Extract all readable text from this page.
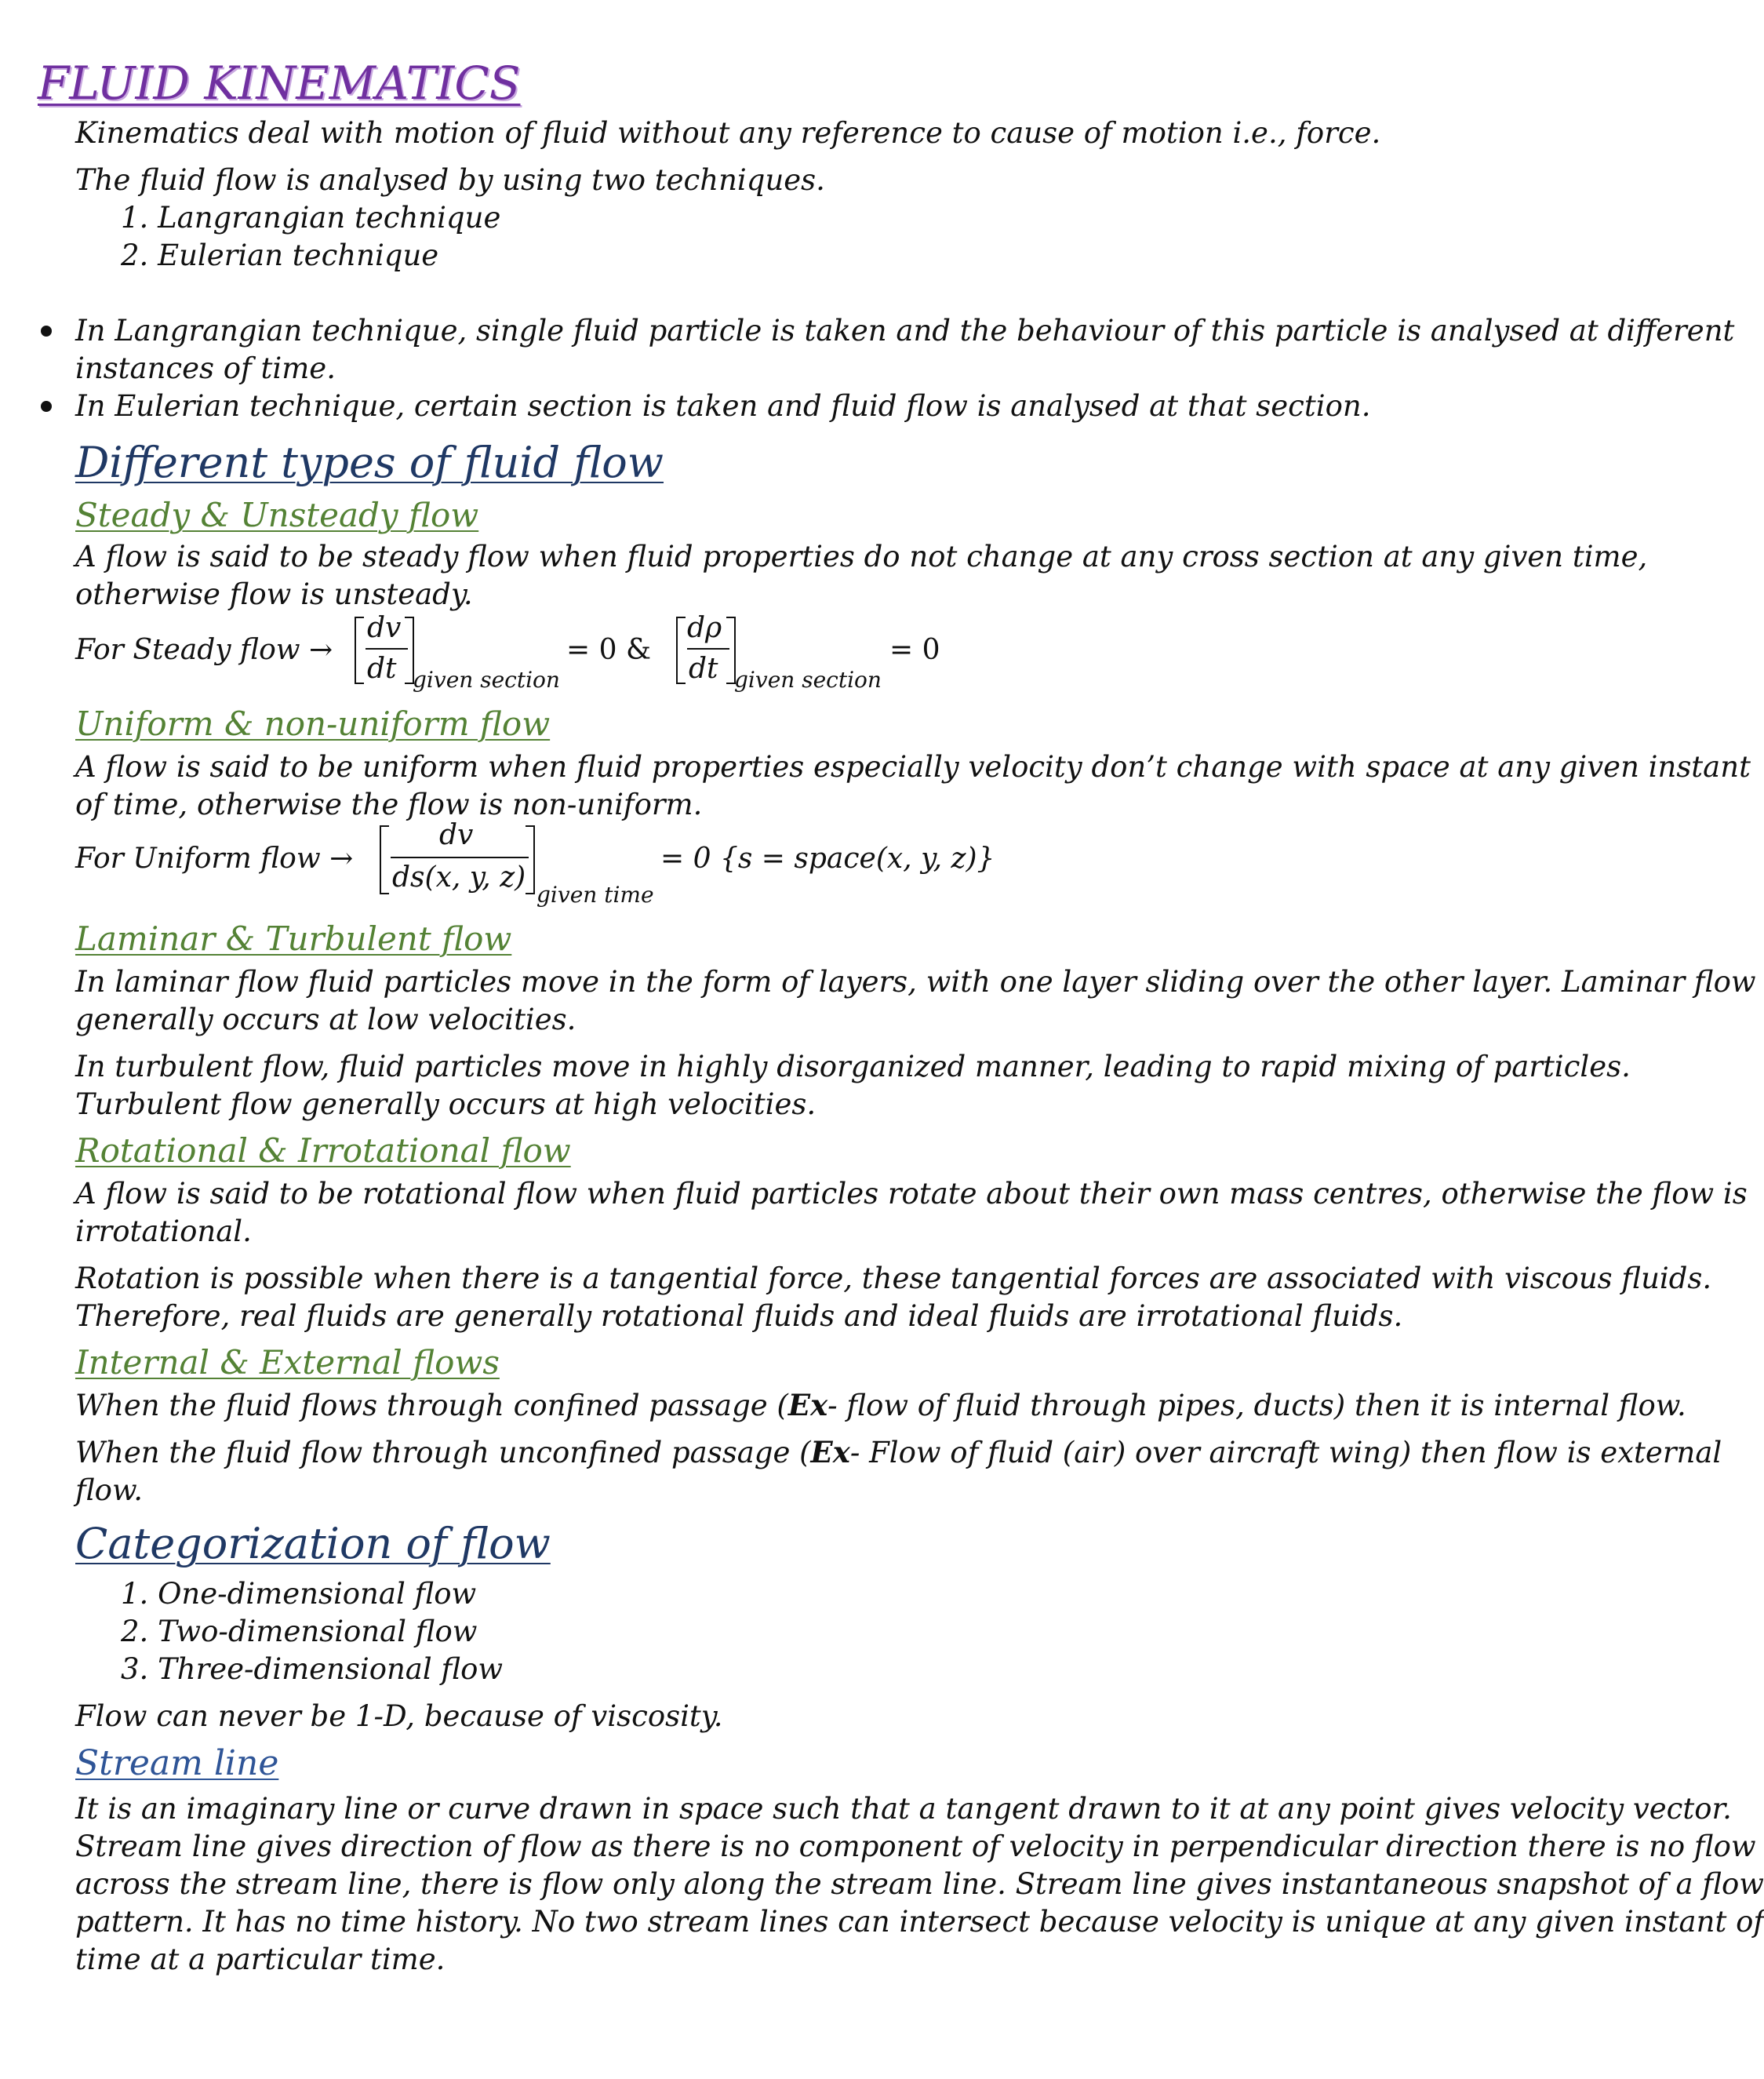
FLUID KINEMATICS
Kinematics deal with motion of fluid without any reference to cause of motion i.e., force.
The fluid flow is analysed by using two techniques.
1. Langrangian technique
2. Eulerian technique
In Langrangian technique, single fluid particle is taken and the behaviour of this particle is analysed at different
instances of time.
In Eulerian technique, certain section is taken and fluid flow is analysed at that section.
Different types of fluid flow
Steady & Unsteady flow
A flow is said to be steady flow when fluid properties do not change at any cross section at any given time,
otherwise flow is unsteady.
For Steady flow →
dv
dt given section
= 0 &
dρ
dt given section
= 0
Uniform & non-uniform flow
A flow is said to be uniform when fluid properties especially velocity don’t change with space at any given instant
of time, otherwise the flow is non-uniform.
For Uniform flow →
dv
ds(x, y, z)
given time
= 0 {s = space(x, y, z)}
Laminar & Turbulent flow
In laminar flow fluid particles move in the form of layers, with one layer sliding over the other layer. Laminar flow
generally occurs at low velocities.
In turbulent flow, fluid particles move in highly disorganized manner, leading to rapid mixing of particles.
Turbulent flow generally occurs at high velocities.
Rotational & Irrotational flow
A flow is said to be rotational flow when fluid particles rotate about their own mass centres, otherwise the flow is
irrotational.
Rotation is possible when there is a tangential force, these tangential forces are associated with viscous fluids.
Therefore, real fluids are generally rotational fluids and ideal fluids are irrotational fluids.
Internal & External flows
When the fluid flows through confined passage (Ex- flow of fluid through pipes, ducts) then it is internal flow.
When the fluid flow through unconfined passage (Ex- Flow of fluid (air) over aircraft wing) then flow is external
flow.
Categorization of flow
1. One-dimensional flow
2. Two-dimensional flow
3. Three-dimensional flow
Flow can never be 1-D, because of viscosity.
Stream line
It is an imaginary line or curve drawn in space such that a tangent drawn to it at any point gives velocity vector.
Stream line gives direction of flow as there is no component of velocity in perpendicular direction there is no flow
across the stream line, there is flow only along the stream line. Stream line gives instantaneous snapshot of a flow
pattern. It has no time history. No two stream lines can intersect because velocity is unique at any given instant of
time at a particular time.
